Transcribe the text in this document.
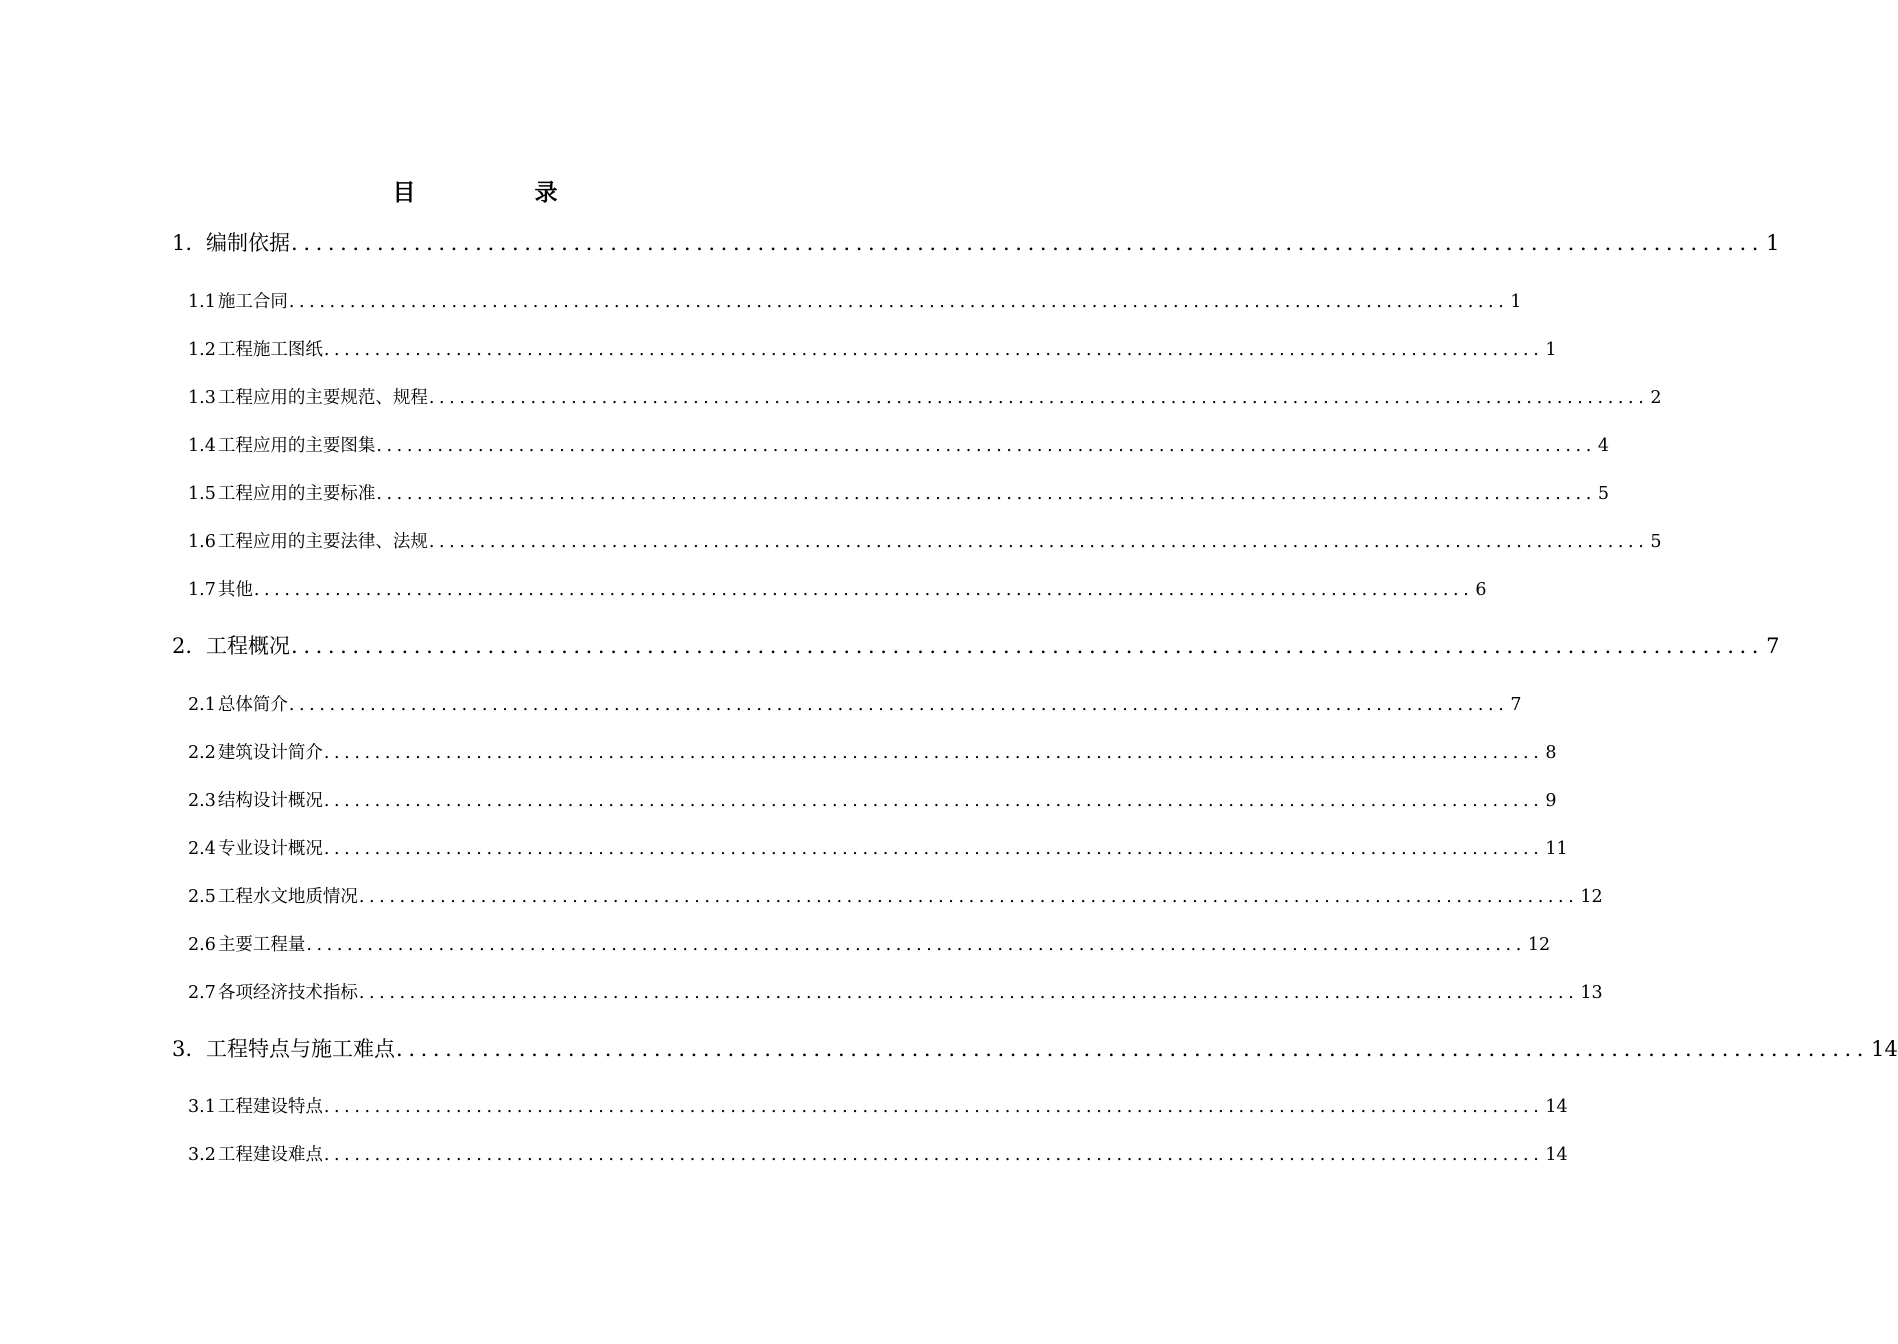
目　录
1. 编制依据 ........................................................................................................................ 1
1.1 施工合同 ........................................................................................................................ 1
1.2 工程施工图纸 ........................................................................................................................ 1
1.3 工程应用的主要规范、规程 ........................................................................................................................ 2
1.4 工程应用的主要图集 ........................................................................................................................ 4
1.5 工程应用的主要标准 ........................................................................................................................ 5
1.6 工程应用的主要法律、法规 ........................................................................................................................ 5
1.7 其他 ........................................................................................................................ 6
2. 工程概况 ........................................................................................................................ 7
2.1 总体简介 ........................................................................................................................ 7
2.2 建筑设计简介 ........................................................................................................................ 8
2.3 结构设计概况 ........................................................................................................................ 9
2.4 专业设计概况 ........................................................................................................................ 11
2.5 工程水文地质情况 ........................................................................................................................ 12
2.6 主要工程量 ........................................................................................................................ 12
2.7 各项经济技术指标 ........................................................................................................................ 13
3. 工程特点与施工难点 ........................................................................................................................ 14
3.1 工程建设特点 ........................................................................................................................ 14
3.2 工程建设难点 ........................................................................................................................ 14
